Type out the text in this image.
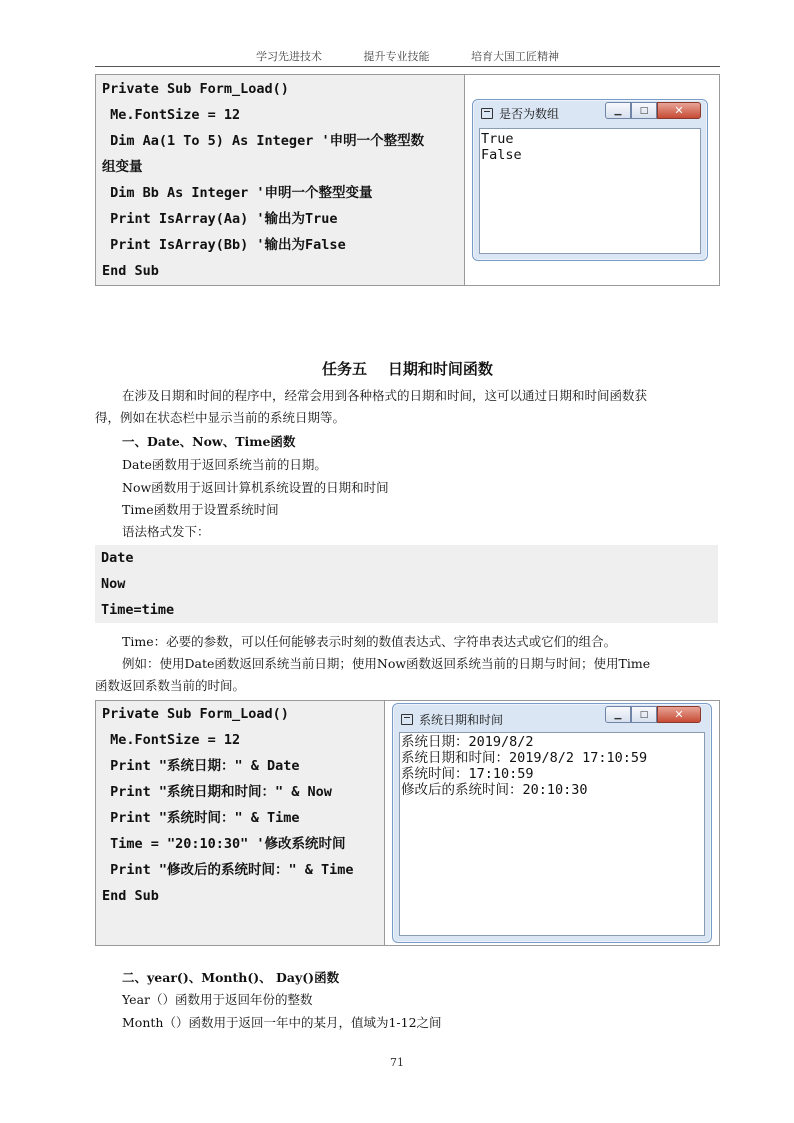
学习先进技术	提升专业技能	培育大国工匠精神
Private Sub Form_Load()
Me.FontSize = 12
Dim Aa(1 To 5) As Integer '申明一个整型数
组变量
Dim Bb As Integer '申明一个整型变量
Print IsArray(Aa) '输出为True
Print IsArray(Bb) '输出为False
End Sub
是否为数组	▁	□	✕
True
False
任务五    日期和时间函数
在涉及日期和时间的程序中，经常会用到各种格式的日期和时间，这可以通过日期和时间函数获
得，例如在状态栏中显示当前的系统日期等。
一、Date、Now、Time函数
Date函数用于返回系统当前的日期。
Now函数用于返回计算机系统设置的日期和时间
Time函数用于设置系统时间
语法格式发下：
Date
Now
Time=time
Time：必要的参数，可以任何能够表示时刻的数值表达式、字符串表达式或它们的组合。
例如：使用Date函数返回系统当前日期；使用Now函数返回系统当前的日期与时间；使用Time
函数返回系数当前的时间。
Private Sub Form_Load()
Me.FontSize = 12
Print "系统日期：" & Date
Print "系统日期和时间：" & Now
Print "系统时间：" & Time
Time = "20:10:30" '修改系统时间
Print "修改后的系统时间：" & Time
End Sub
系统日期和时间	▁	□	✕
系统日期：2019/8/2
系统日期和时间：2019/8/2 17:10:59
系统时间：17:10:59
修改后的系统时间：20:10:30
二、year()、Month()、 Day()函数
Year（）函数用于返回年份的整数
Month（）函数用于返回一年中的某月，值域为1-12之间
71
